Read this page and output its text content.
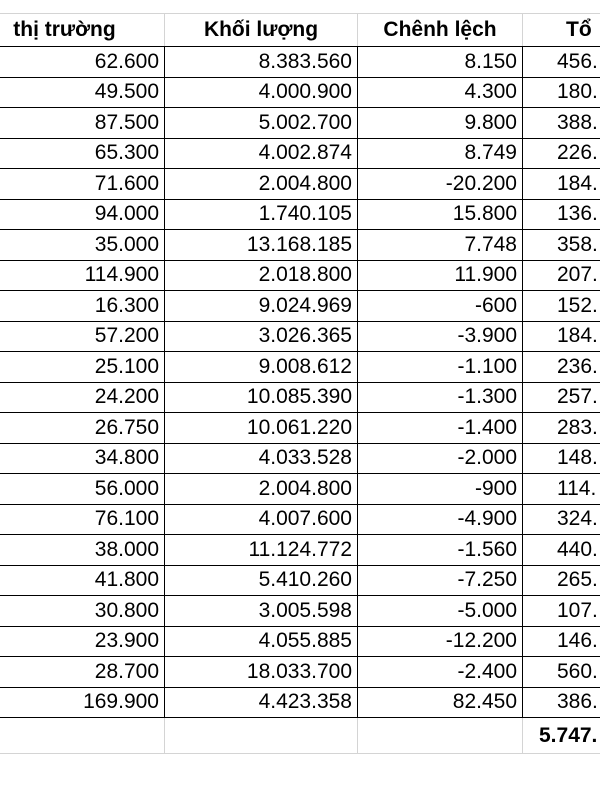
thị trường	Khối lượng	Chênh lệch	Tổ
62.600	8.383.560	8.150	456.
49.500	4.000.900	4.300	180.
87.500	5.002.700	9.800	388.
65.300	4.002.874	8.749	226.
71.600	2.004.800	-20.200	184.
94.000	1.740.105	15.800	136.
35.000	13.168.185	7.748	358.
114.900	2.018.800	11.900	207.
16.300	9.024.969	-600	152.
57.200	3.026.365	-3.900	184.
25.100	9.008.612	-1.100	236.
24.200	10.085.390	-1.300	257.
26.750	10.061.220	-1.400	283.
34.800	4.033.528	-2.000	148.
56.000	2.004.800	-900	114.
76.100	4.007.600	-4.900	324.
38.000	11.124.772	-1.560	440.
41.800	5.410.260	-7.250	265.
30.800	3.005.598	-5.000	107.
23.900	4.055.885	-12.200	146.
28.700	18.033.700	-2.400	560.
169.900	4.423.358	82.450	386.
			5.747.
